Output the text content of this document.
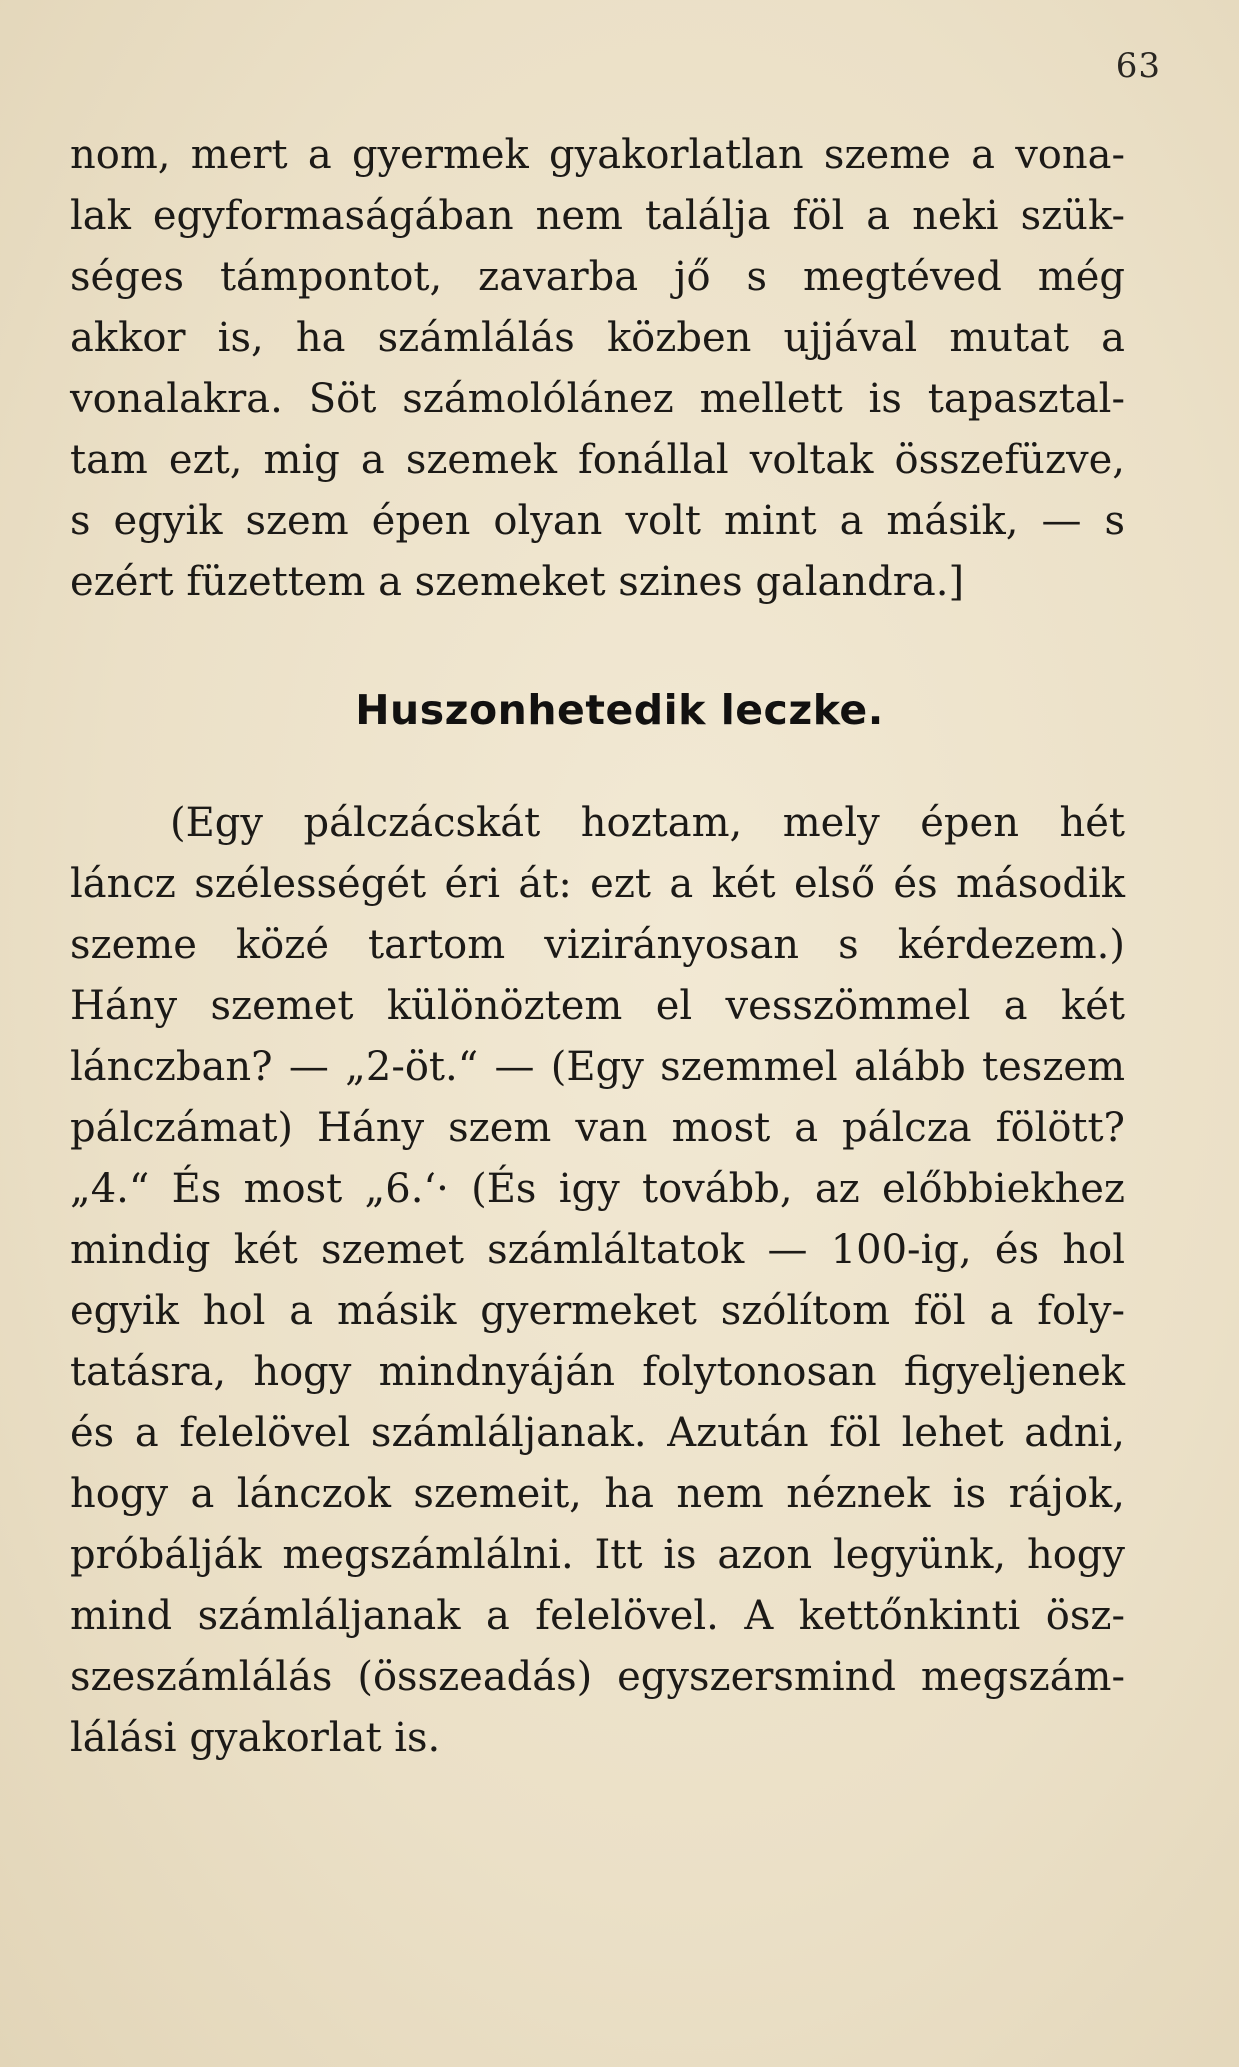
63
nom, mert a gyermek gyakorlatlan szeme a vona-
lak egyformaságában nem találja föl a neki szük-
séges támpontot, zavarba jő s megtéved még
akkor is, ha számlálás közben ujjával mutat a
vonalakra. Söt számolólánez mellett is tapasztal-
tam ezt, mig a szemek fonállal voltak összefüzve,
s egyik szem épen olyan volt mint a másik, — s
ezért füzettem a szemeket szines galandra.]
Huszonhetedik leczke.
(Egy pálczácskát hoztam, mely épen hét
láncz szélességét éri át: ezt a két első és második
szeme közé tartom vizirányosan s kérdezem.)
Hány szemet különöztem el vesszömmel a két
lánczban? — „2-öt.“ — (Egy szemmel alább teszem
pálczámat) Hány szem van most a pálcza fölött?
„4.“ És most „6.‘· (És igy tovább, az előbbiekhez
mindig két szemet számláltatok — 100-ig, és hol
egyik hol a másik gyermeket szólítom föl a foly-
tatásra, hogy mindnyáján folytonosan figyeljenek
és a felelövel számláljanak. Azután föl lehet adni,
hogy a lánczok szemeit, ha nem néznek is rájok,
próbálják megszámlálni. Itt is azon legyünk, hogy
mind számláljanak a felelövel. A kettőnkinti ösz-
szeszámlálás (összeadás) egyszersmind megszám-
lálási gyakorlat is.
